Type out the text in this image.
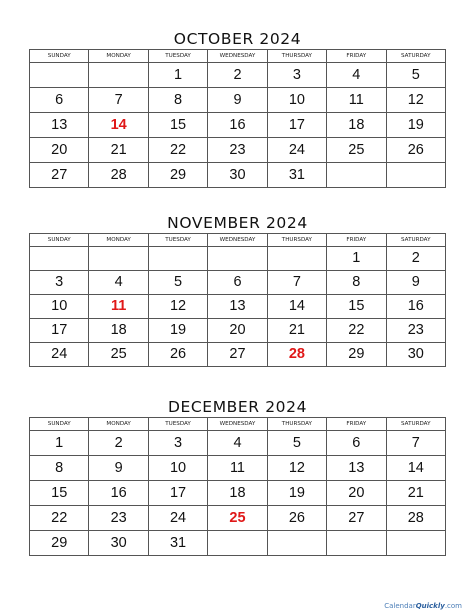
OCTOBER 2024
SUNDAY	MONDAY	TUESDAY	WEDNESDAY	THURSDAY	FRIDAY	SATURDAY
		1	2	3	4	5
6	7	8	9	10	11	12
13	14	15	16	17	18	19
20	21	22	23	24	25	26
27	28	29	30	31		
NOVEMBER 2024
SUNDAY	MONDAY	TUESDAY	WEDNESDAY	THURSDAY	FRIDAY	SATURDAY
					1	2
3	4	5	6	7	8	9
10	11	12	13	14	15	16
17	18	19	20	21	22	23
24	25	26	27	28	29	30
DECEMBER 2024
SUNDAY	MONDAY	TUESDAY	WEDNESDAY	THURSDAY	FRIDAY	SATURDAY
1	2	3	4	5	6	7
8	9	10	11	12	13	14
15	16	17	18	19	20	21
22	23	24	25	26	27	28
29	30	31				
CalendarQuickly.com
